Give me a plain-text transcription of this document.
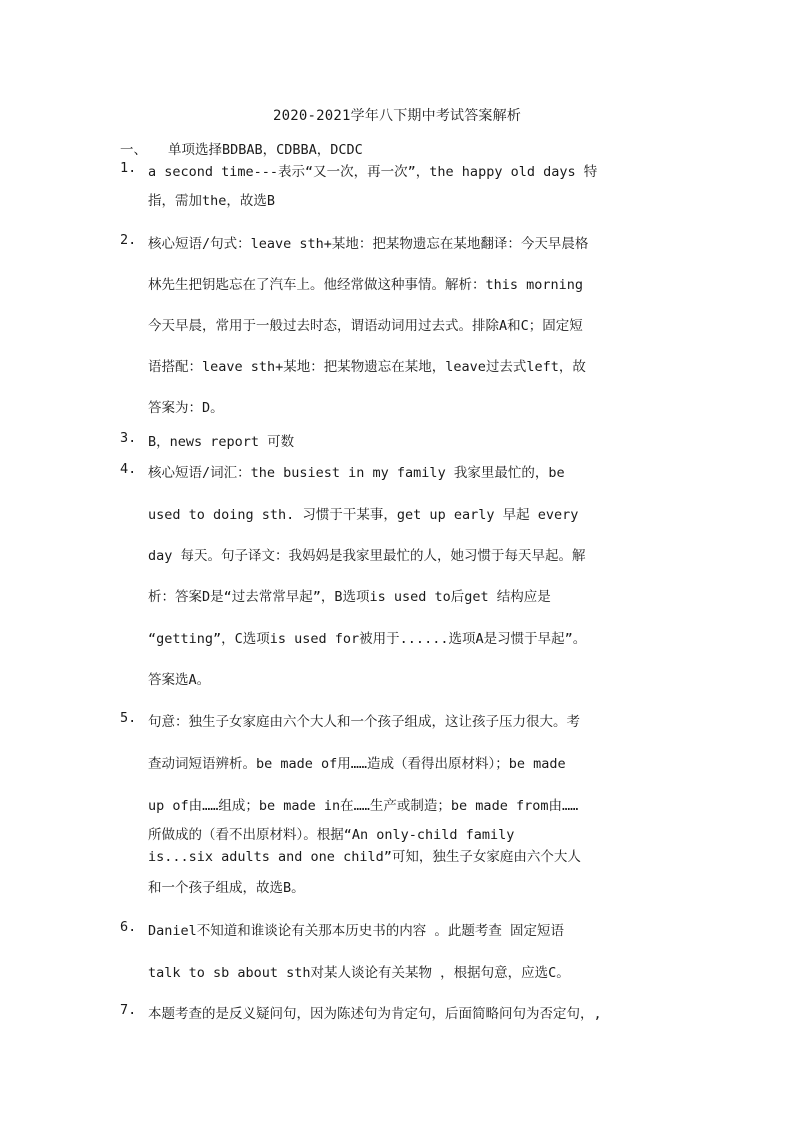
2020-2021学年八下期中考试答案解析
一、 单项选择BDBAB，CDBBA，DCDC
1. a second time---表示“又一次，再一次”，the happy old days 特
指，需加the，故选B
2. 核心短语/句式：leave sth+某地：把某物遗忘在某地翻译：今天早晨格
林先生把钥匙忘在了汽车上。他经常做这种事情。解析：this morning
今天早晨，常用于一般过去时态，谓语动词用过去式。排除A和C；固定短
语搭配：leave sth+某地：把某物遗忘在某地，leave过去式left，故
答案为：D。
3. B，news report 可数
4. 核心短语/词汇：the busiest in my family 我家里最忙的，be
used to doing sth. 习惯于干某事，get up early 早起 every
day 每天。句子译文：我妈妈是我家里最忙的人，她习惯于每天早起。解
析：答案D是“过去常常早起”，B选项is used to后get 结构应是
“getting”，C选项is used for被用于......选项A是习惯于早起”。
答案选A。
5. 句意：独生子女家庭由六个大人和一个孩子组成，这让孩子压力很大。考
查动词短语辨析。be made of用……造成（看得出原材料）；be made
up of由……组成；be made in在……生产或制造；be made from由……
所做成的（看不出原材料）。根据“An only-child family
is...six adults and one child”可知，独生子女家庭由六个大人
和一个孩子组成，故选B。
6. Daniel不知道和谁谈论有关那本历史书的内容 。此题考查 固定短语
talk to sb about sth对某人谈论有关某物 ，根据句意，应选C。
7. 本题考查的是反义疑问句，因为陈述句为肯定句，后面简略问句为否定句，,
